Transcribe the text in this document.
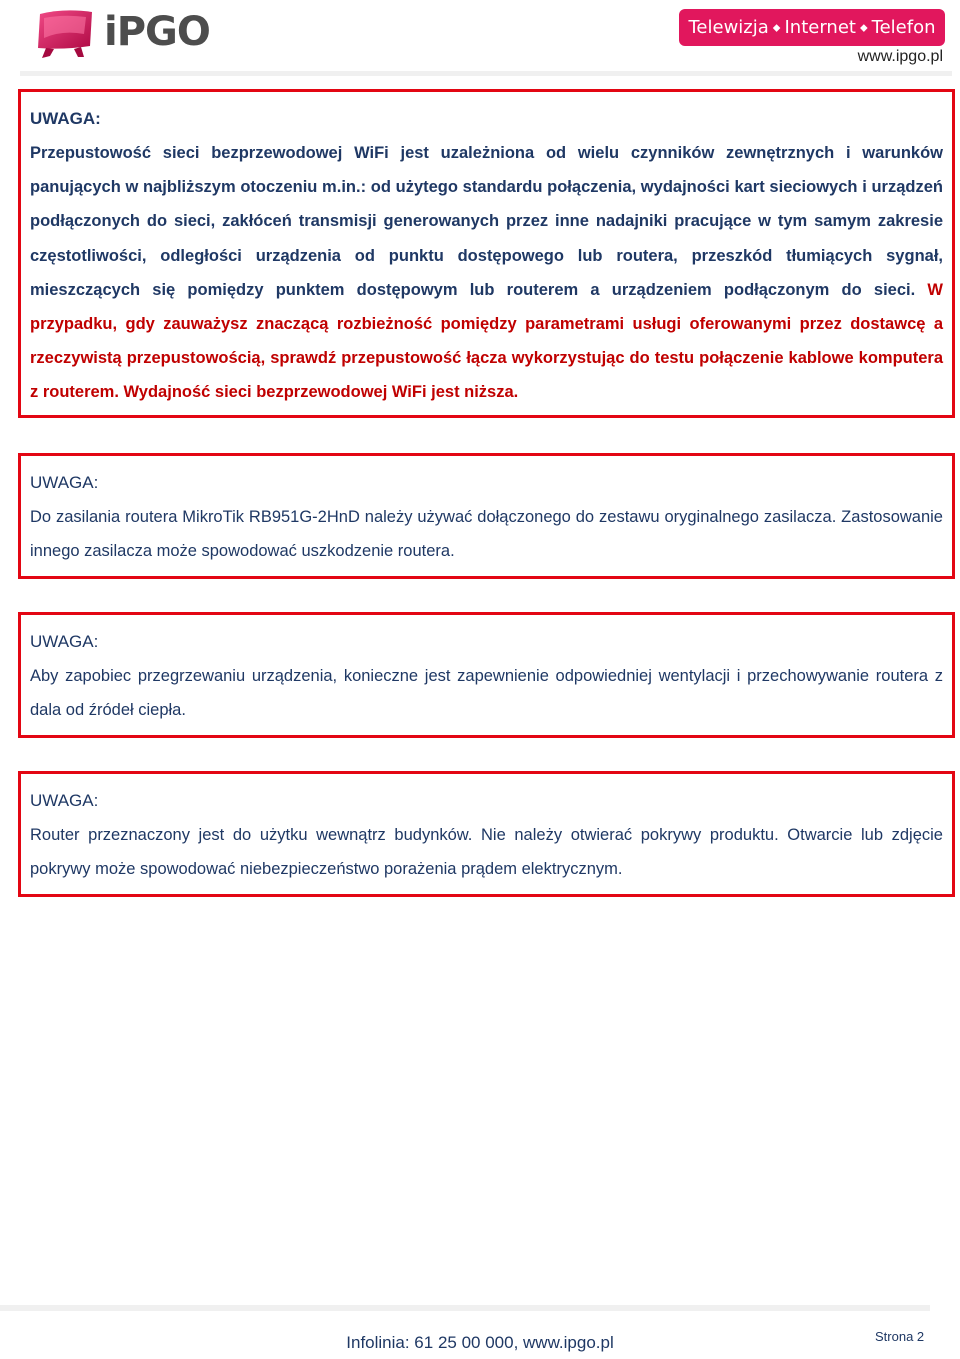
iPGO	Telewizja ⬥ Internet ⬥ Telefon
www.ipgo.pl
UWAGA:

Przepustowość sieci bezprzewodowej WiFi jest uzależniona od wielu czynników zewnętrznych i warunków panujących w najbliższym otoczeniu m.in.: od użytego standardu połączenia, wydajności kart sieciowych i urządzeń podłączonych do sieci, zakłóceń transmisji generowanych przez inne nadajniki pracujące w tym samym zakresie częstotliwości, odległości urządzenia od punktu dostępowego lub routera, przeszkód tłumiących sygnał, mieszczących się pomiędzy punktem dostępowym lub routerem a urządzeniem podłączonym do sieci. W przypadku, gdy zauważysz znaczącą rozbieżność pomiędzy parametrami usługi oferowanymi przez dostawcę a rzeczywistą przepustowością, sprawdź przepustowość łącza wykorzystując do testu połączenie kablowe komputera z routerem. Wydajność sieci bezprzewodowej WiFi jest niższa.

UWAGA:

Do zasilania routera MikroTik RB951G-2HnD należy używać dołączonego do zestawu oryginalnego zasilacza. Zastosowanie innego zasilacza może spowodować uszkodzenie routera.

UWAGA:

Aby zapobiec przegrzewaniu urządzenia, konieczne jest zapewnienie odpowiedniej wentylacji i przechowywanie routera z dala od źródeł ciepła.

UWAGA:

Router przeznaczony jest do użytku wewnątrz budynków. Nie należy otwierać pokrywy produktu. Otwarcie lub zdjęcie pokrywy może spowodować niebezpieczeństwo porażenia prądem elektrycznym.

Infolinia: 61 25 00 000, www.ipgo.pl	Strona 2
